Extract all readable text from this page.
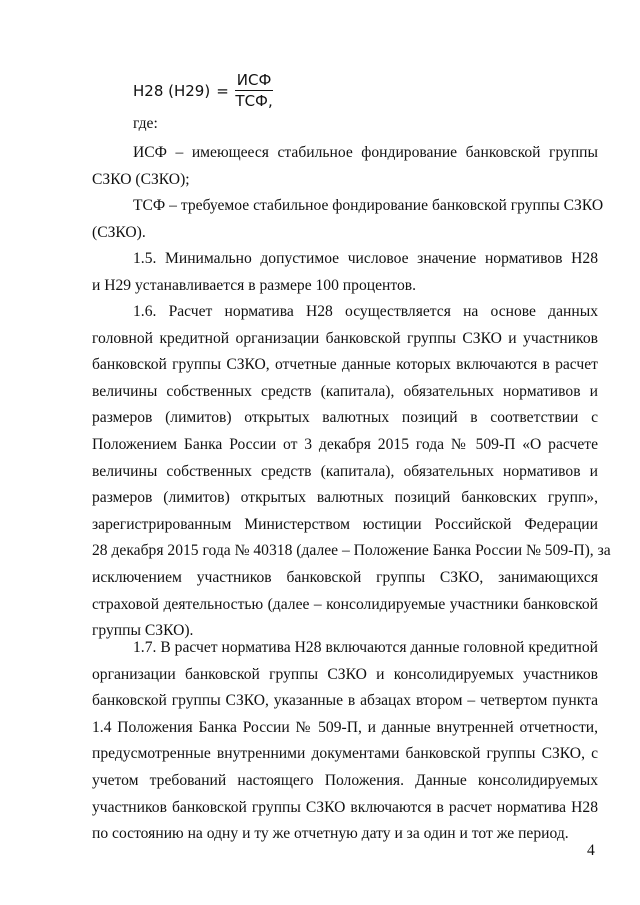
Н28 $(Н29) = \frac{\text{ИСФ}}{\text{ТСФ,}}$
где:
ИСФ – имеющееся стабильное фондирование банковской группы
СЗКО (СЗКО);
ТСФ – требуемое стабильное фондирование банковской группы СЗКО
(СЗКО).
1.5. Минимально допустимое числовое значение нормативов Н28
и Н29 устанавливается в размере 100 процентов.
1.6. Расчет норматива Н28 осуществляется на основе данных
головной кредитной организации банковской группы СЗКО и участников
банковской группы СЗКО, отчетные данные которых включаются в расчет
величины собственных средств (капитала), обязательных нормативов и
размеров (лимитов) открытых валютных позиций в соответствии с
Положением Банка России от 3 декабря 2015 года № 509-П «О расчете
величины собственных средств (капитала), обязательных нормативов и
размеров (лимитов) открытых валютных позиций банковских групп»,
зарегистрированным Министерством юстиции Российской Федерации
28 декабря 2015 года № 40318 (далее – Положение Банка России № 509-П), за
исключением участников банковской группы СЗКО, занимающихся
страховой деятельностью (далее – консолидируемые участники банковской
группы СЗКО).
1.7. В расчет норматива Н28 включаются данные головной кредитной
организации банковской группы СЗКО и консолидируемых участников
банковской группы СЗКО, указанные в абзацах втором – четвертом пункта
1.4 Положения Банка России № 509-П, и данные внутренней отчетности,
предусмотренные внутренними документами банковской группы СЗКО, с
учетом требований настоящего Положения. Данные консолидируемых
участников банковской группы СЗКО включаются в расчет норматива Н28
по состоянию на одну и ту же отчетную дату и за один и тот же период.
4
